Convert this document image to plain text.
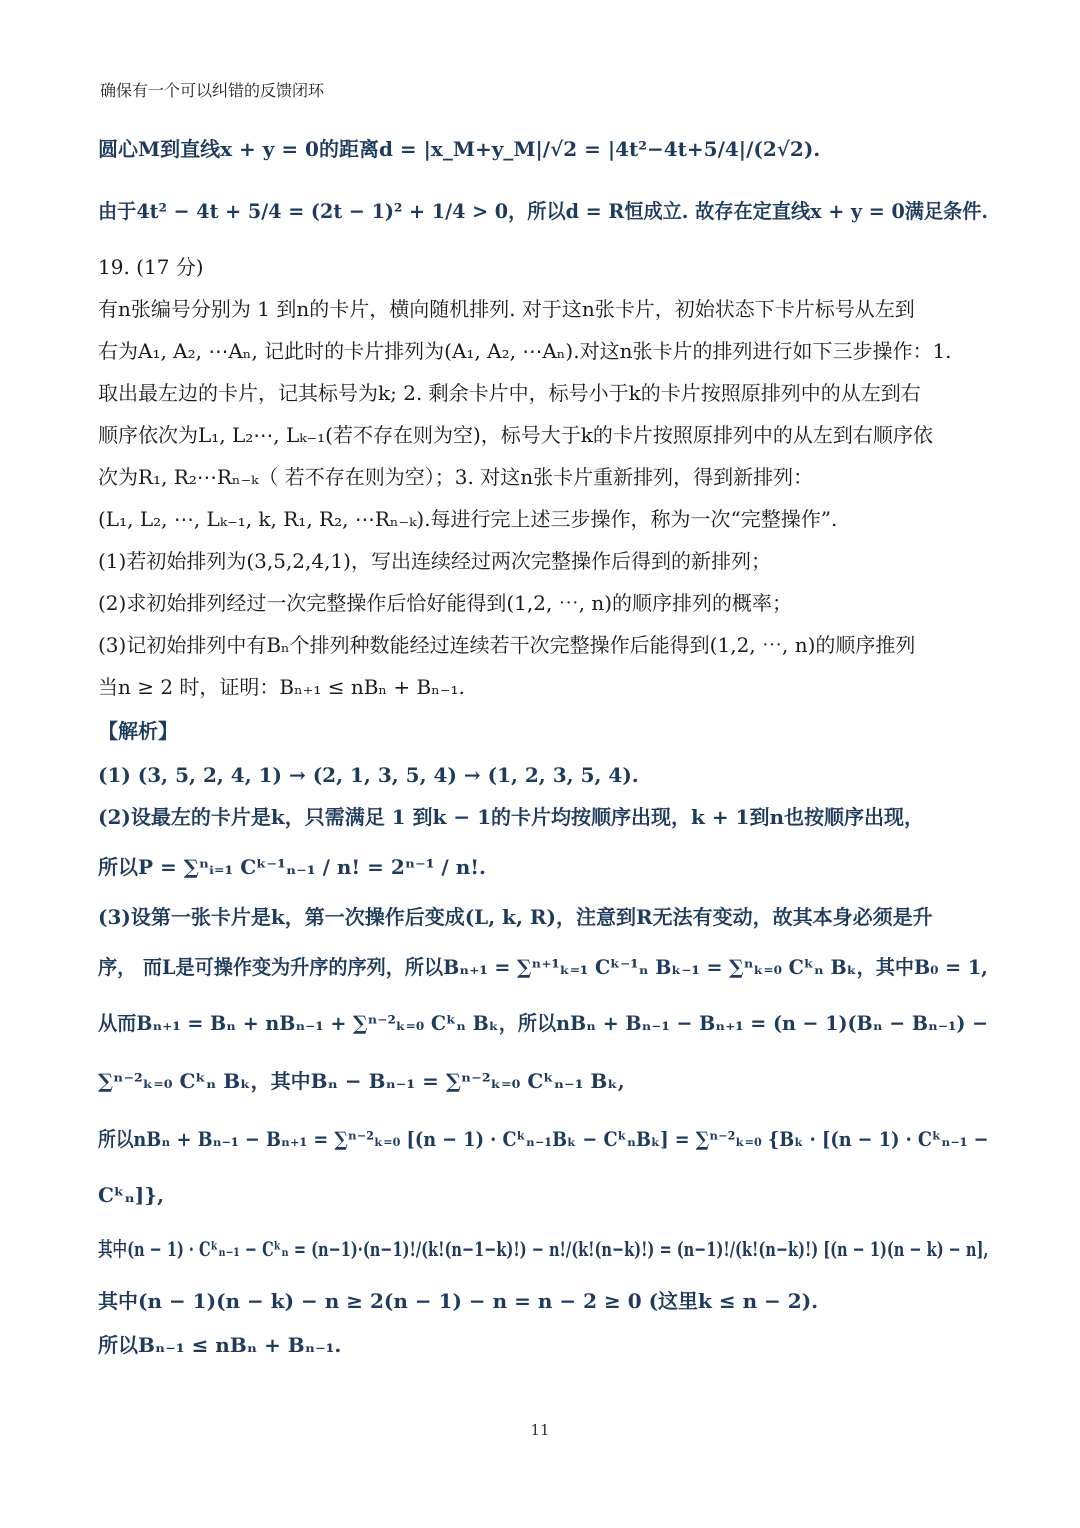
确保有一个可以纠错的反馈闭环
圆心M到直线x + y = 0的距离d = |x_M+y_M|/√2 = |4t²−4t+5/4|/(2√2).
由于4t² − 4t + 5/4 = (2t − 1)² + 1/4 > 0，所以d = R恒成立. 故存在定直线x + y = 0满足条件.
19. (17 分)
有n张编号分别为 1 到n的卡片，横向随机排列. 对于这n张卡片，初始状态下卡片标号从左到
右为A₁, A₂, ⋯Aₙ, 记此时的卡片排列为(A₁, A₂, ⋯Aₙ).对这n张卡片的排列进行如下三步操作：1.
取出最左边的卡片，记其标号为k; 2. 剩余卡片中，标号小于k的卡片按照原排列中的从左到右
顺序依次为L₁, L₂⋯, Lₖ₋₁(若不存在则为空)，标号大于k的卡片按照原排列中的从左到右顺序依
次为R₁, R₂⋯Rₙ₋ₖ（ 若不存在则为空）；3. 对这n张卡片重新排列，得到新排列：
(L₁, L₂, ⋯, Lₖ₋₁, k, R₁, R₂, ⋯Rₙ₋ₖ).每进行完上述三步操作，称为一次“完整操作”.
(1)若初始排列为(3,5,2,4,1)，写出连续经过两次完整操作后得到的新排列；
(2)求初始排列经过一次完整操作后恰好能得到(1,2, ⋯, n)的顺序排列的概率；
(3)记初始排列中有Bₙ个排列种数能经过连续若干次完整操作后能得到(1,2, ⋯, n)的顺序推列
当n ≥ 2 时，证明：Bₙ₊₁ ≤ nBₙ + Bₙ₋₁.
【解析】
(1) (3, 5, 2, 4, 1) → (2, 1, 3, 5, 4) → (1, 2, 3, 5, 4).
(2)设最左的卡片是k，只需满足 1 到k − 1的卡片均按顺序出现，k + 1到n也按顺序出现，
所以P = ∑ⁿᵢ₌₁ Cᵏ⁻¹ₙ₋₁ / n! = 2ⁿ⁻¹ / n!.
(3)设第一张卡片是k，第一次操作后变成(L, k, R)，注意到R无法有变动，故其本身必须是升
序， 而L是可操作变为升序的序列，所以Bₙ₊₁ = ∑ⁿ⁺¹ₖ₌₁ Cᵏ⁻¹ₙ Bₖ₋₁ = ∑ⁿₖ₌₀ Cᵏₙ Bₖ，其中B₀ = 1,
从而Bₙ₊₁ = Bₙ + nBₙ₋₁ + ∑ⁿ⁻²ₖ₌₀ Cᵏₙ Bₖ，所以nBₙ + Bₙ₋₁ − Bₙ₊₁ = (n − 1)(Bₙ − Bₙ₋₁) −
∑ⁿ⁻²ₖ₌₀ Cᵏₙ Bₖ，其中Bₙ − Bₙ₋₁ = ∑ⁿ⁻²ₖ₌₀ Cᵏₙ₋₁ Bₖ,
所以nBₙ + Bₙ₋₁ − Bₙ₊₁ = ∑ⁿ⁻²ₖ₌₀ [(n − 1) · Cᵏₙ₋₁Bₖ − CᵏₙBₖ] = ∑ⁿ⁻²ₖ₌₀ {Bₖ · [(n − 1) · Cᵏₙ₋₁ −
Cᵏₙ]},
其中(n − 1) · Cᵏₙ₋₁ − Cᵏₙ = (n−1)·(n−1)!/(k!(n−1−k)!) − n!/(k!(n−k)!) = (n−1)!/(k!(n−k)!) [(n − 1)(n − k) − n],
其中(n − 1)(n − k) − n ≥ 2(n − 1) − n = n − 2 ≥ 0 (这里k ≤ n − 2).
所以Bₙ₋₁ ≤ nBₙ + Bₙ₋₁.
11
